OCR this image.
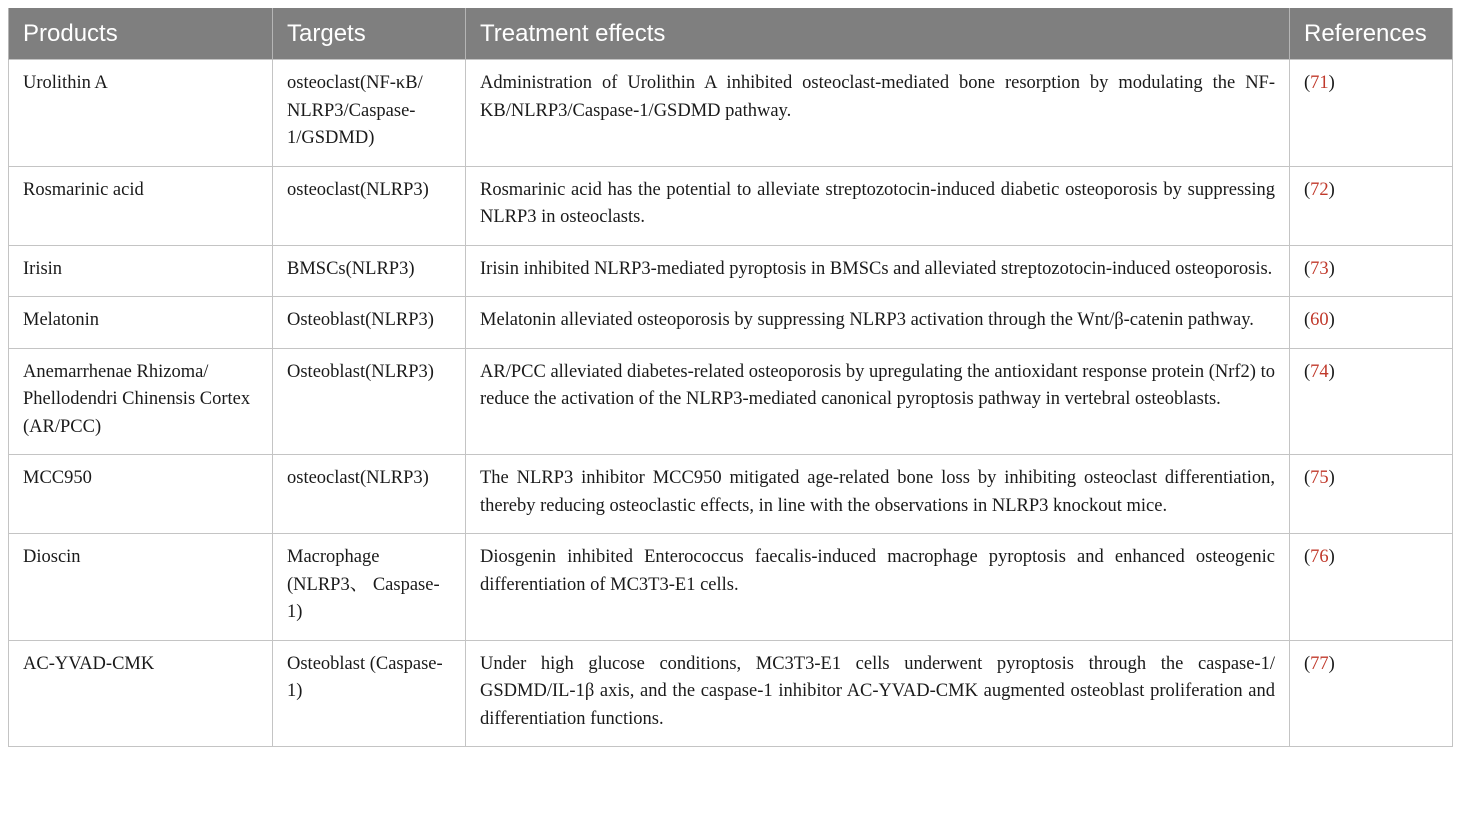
Products	Targets	Treatment effects	References
Urolithin A	osteoclast(NF-κB/ NLRP3/Caspase- 1/GSDMD)	Administration of Urolithin A inhibited osteoclast-mediated bone resorption by modulating the NF-KB/NLRP3/Caspase-1/GSDMD pathway.	(71)
Rosmarinic acid	osteoclast(NLRP3)	Rosmarinic acid has the potential to alleviate streptozotocin-induced diabetic osteoporosis by suppressing NLRP3 in osteoclasts.	(72)
Irisin	BMSCs(NLRP3)	Irisin inhibited NLRP3-mediated pyroptosis in BMSCs and alleviated streptozotocin-induced osteoporosis.	(73)
Melatonin	Osteoblast(NLRP3)	Melatonin alleviated osteoporosis by suppressing NLRP3 activation through the Wnt/β-catenin pathway.	(60)
Anemarrhenae Rhizoma/ Phellodendri Chinensis Cortex (AR/PCC)	Osteoblast(NLRP3)	AR/PCC alleviated diabetes-related osteoporosis by upregulating the antioxidant response protein (Nrf2) to reduce the activation of the NLRP3-mediated canonical pyroptosis pathway in vertebral osteoblasts.	(74)
MCC950	osteoclast(NLRP3)	The NLRP3 inhibitor MCC950 mitigated age-related bone loss by inhibiting osteoclast differentiation, thereby reducing osteoclastic effects, in line with the observations in NLRP3 knockout mice.	(75)
Dioscin	Macrophage (NLRP3、 Caspase-1)	Diosgenin inhibited Enterococcus faecalis-induced macrophage pyroptosis and enhanced osteogenic differentiation of MC3T3-E1 cells.	(76)
AC-YVAD-CMK	Osteoblast (Caspase-1)	Under high glucose conditions, MC3T3-E1 cells underwent pyroptosis through the caspase-1/ GSDMD/IL-1β axis, and the caspase-1 inhibitor AC-YVAD-CMK augmented osteoblast proliferation and differentiation functions.	(77)
